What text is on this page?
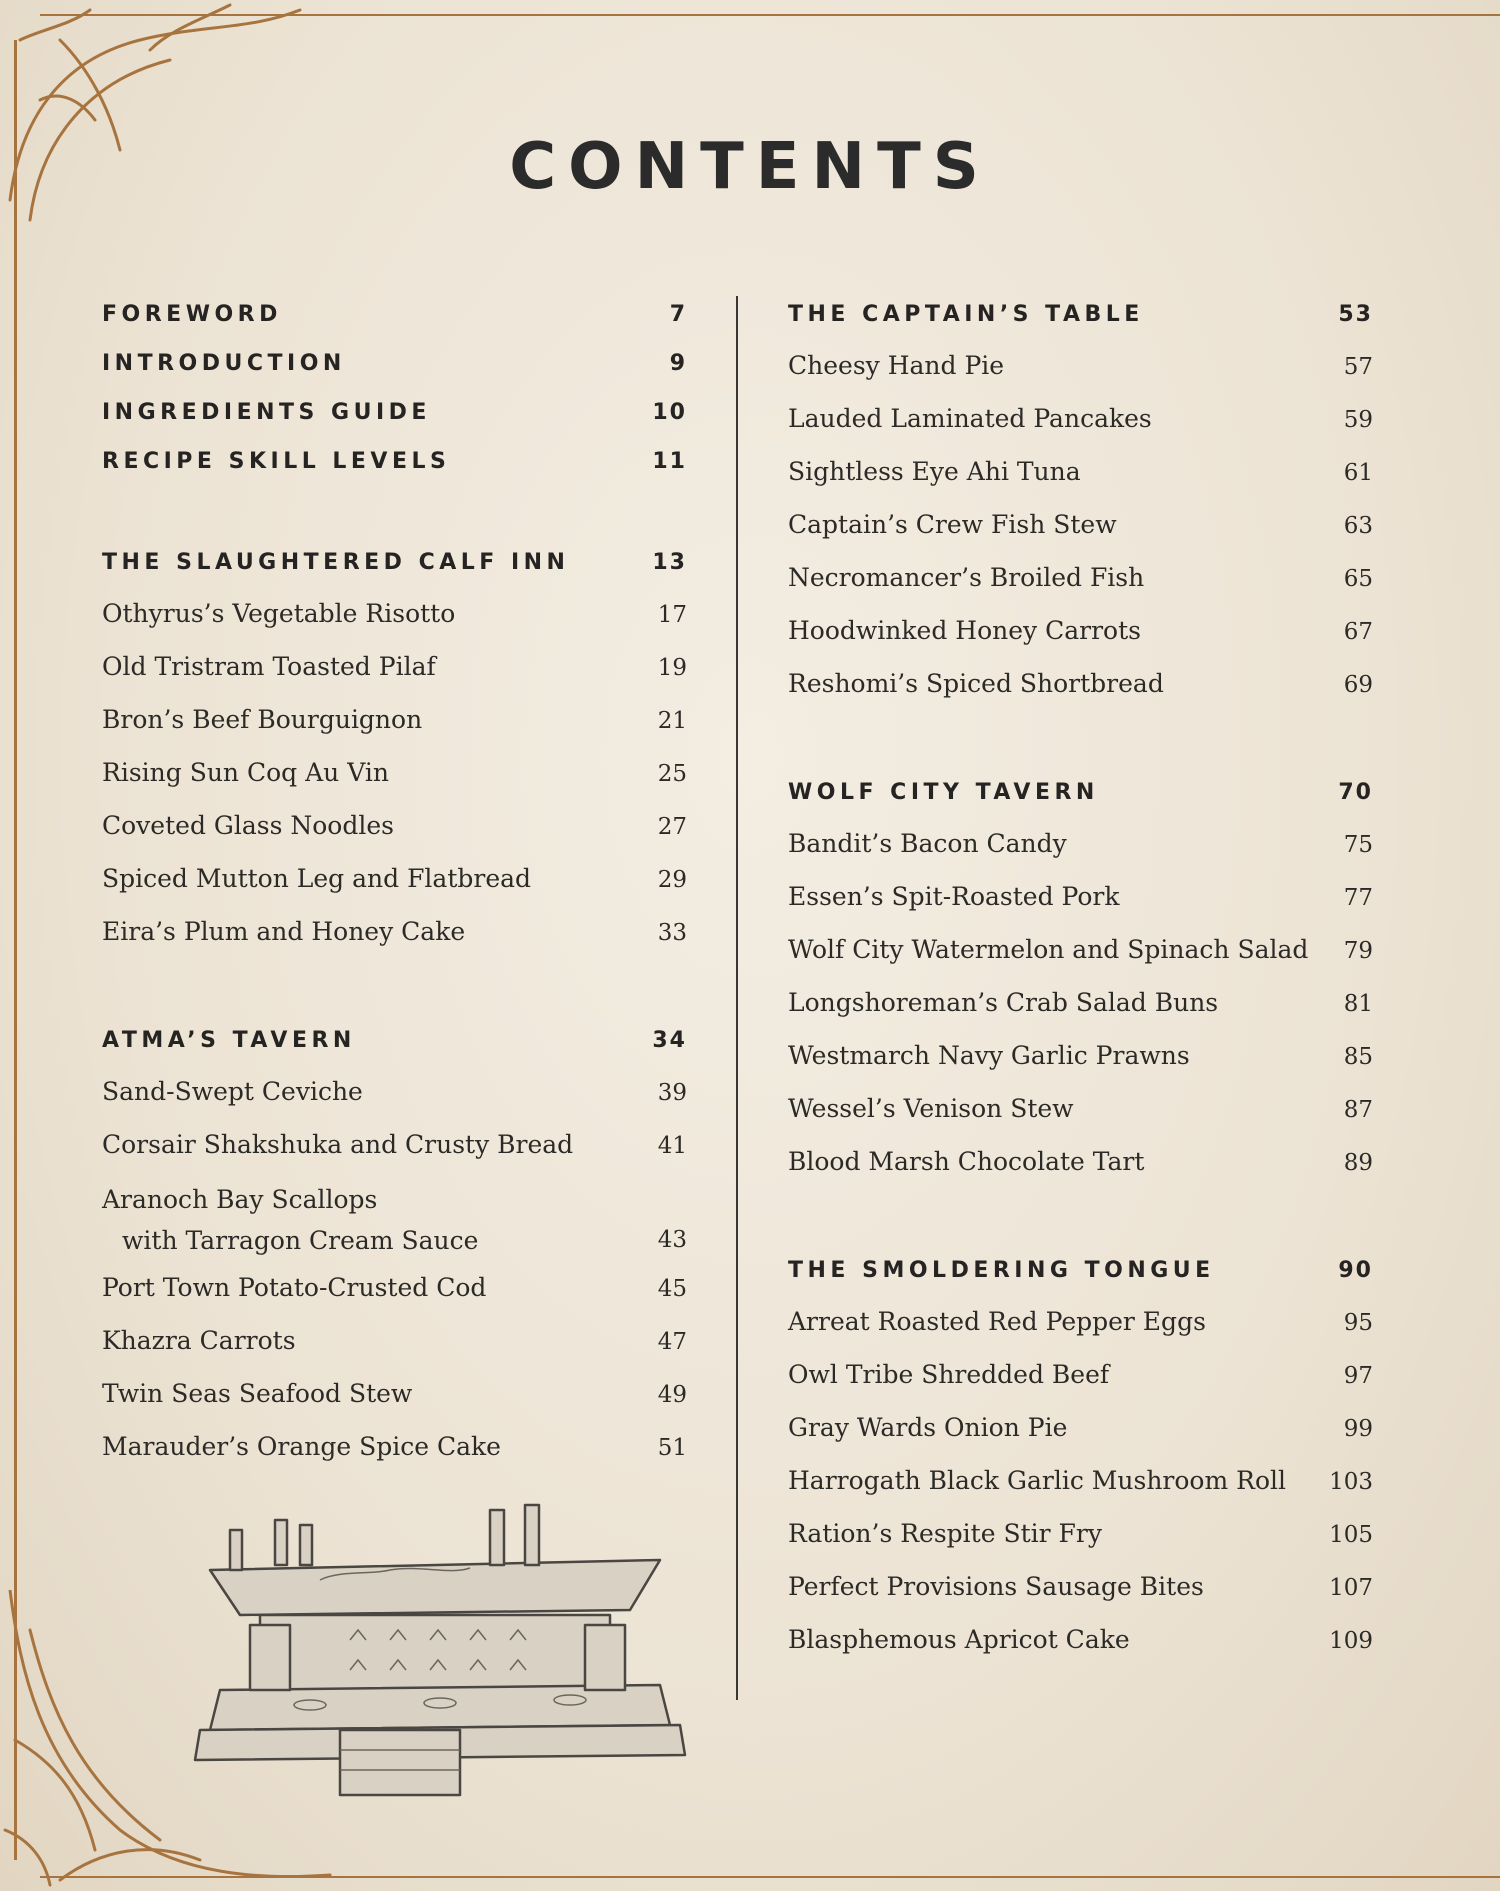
CONTENTS
FOREWORD	7
INTRODUCTION	9
INGREDIENTS GUIDE	10
RECIPE SKILL LEVELS	11
THE SLAUGHTERED CALF INN	13
Othyrus’s Vegetable Risotto	17
Old Tristram Toasted Pilaf	19
Bron’s Beef Bourguignon	21
Rising Sun Coq Au Vin	25
Coveted Glass Noodles	27
Spiced Mutton Leg and Flatbread	29
Eira’s Plum and Honey Cake	33
ATMA’S TAVERN	34
Sand-Swept Ceviche	39
Corsair Shakshuka and Crusty Bread	41
Aranoch Bay Scallops
with Tarragon Cream Sauce	43
Port Town Potato-Crusted Cod	45
Khazra Carrots	47
Twin Seas Seafood Stew	49
Marauder’s Orange Spice Cake	51
THE CAPTAIN’S TABLE	53
Cheesy Hand Pie	57
Lauded Laminated Pancakes	59
Sightless Eye Ahi Tuna	61
Captain’s Crew Fish Stew	63
Necromancer’s Broiled Fish	65
Hoodwinked Honey Carrots	67
Reshomi’s Spiced Shortbread	69
WOLF CITY TAVERN	70
Bandit’s Bacon Candy	75
Essen’s Spit-Roasted Pork	77
Wolf City Watermelon and Spinach Salad 79
Longshoreman’s Crab Salad Buns	81
Westmarch Navy Garlic Prawns	85
Wessel’s Venison Stew	87
Blood Marsh Chocolate Tart	89
THE SMOLDERING TONGUE	90
Arreat Roasted Red Pepper Eggs	95
Owl Tribe Shredded Beef	97
Gray Wards Onion Pie	99
Harrogath Black Garlic Mushroom Roll 103
Ration’s Respite Stir Fry	105
Perfect Provisions Sausage Bites	107
Blasphemous Apricot Cake	109
